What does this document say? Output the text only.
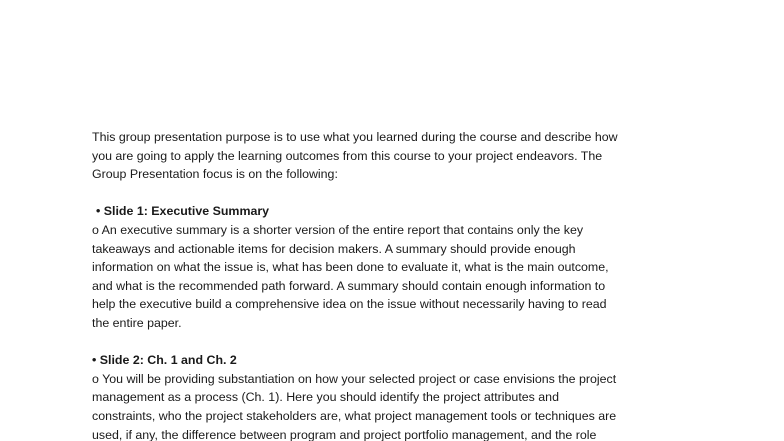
This group presentation purpose is to use what you learned during the course and describe how
you are going to apply the learning outcomes from this course to your project endeavors. The
Group Presentation focus is on the following:

• Slide 1: Executive Summary

o An executive summary is a shorter version of the entire report that contains only the key
takeaways and actionable items for decision makers. A summary should provide enough
information on what the issue is, what has been done to evaluate it, what is the main outcome,
and what is the recommended path forward. A summary should contain enough information to
help the executive build a comprehensive idea on the issue without necessarily having to read
the entire paper.

• Slide 2: Ch. 1 and Ch. 2

o You will be providing substantiation on how your selected project or case envisions the project
management as a process (Ch. 1). Here you should identify the project attributes and
constraints, who the project stakeholders are, what project management tools or techniques are
used, if any, the difference between program and project portfolio management, and the role
